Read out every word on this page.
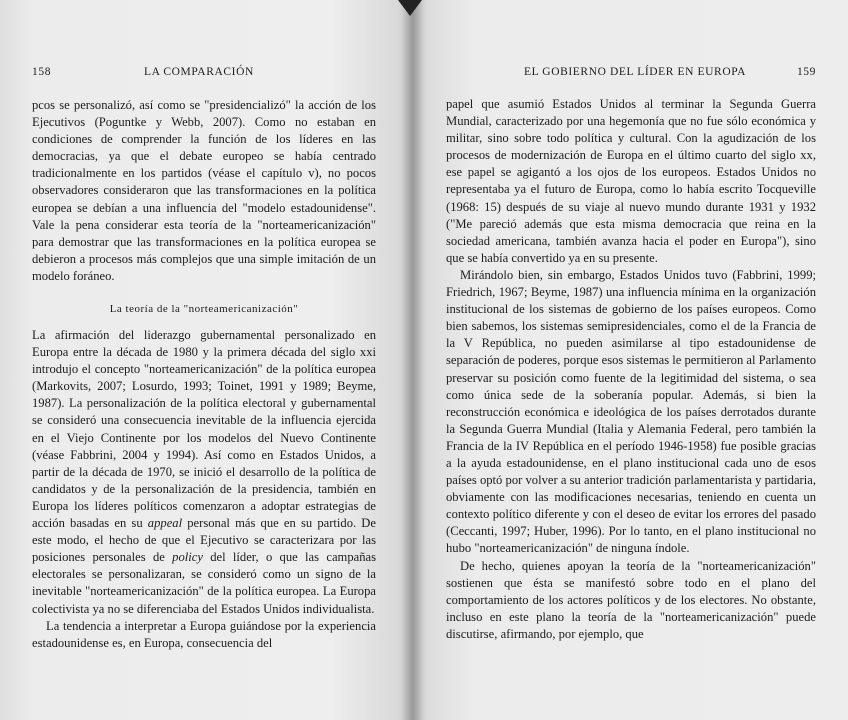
158	LA COMPARACIÓN

pcos se personalizó, así como se "presidencializó" la acción de los Ejecutivos (Poguntke y Webb, 2007). Como no estaban en condiciones de comprender la función de los líderes en las democracias, ya que el debate europeo se había centrado tradicionalmente en los partidos (véase el capítulo v), no pocos observadores consideraron que las transformaciones en la política europea se debían a una influencia del "modelo estadounidense". Vale la pena considerar esta teoría de la "norteamericanización" para demostrar que las transformaciones en la política europea se debieron a procesos más complejos que una simple imitación de un modelo foráneo.

La teoría de la "norteamericanización"

La afirmación del liderazgo gubernamental personalizado en Europa entre la década de 1980 y la primera década del siglo xxi introdujo el concepto "norteamericanización" de la política europea (Markovits, 2007; Losurdo, 1993; Toinet, 1991 y 1989; Beyme, 1987). La personalización de la política electoral y gubernamental se consideró una consecuencia inevitable de la influencia ejercida en el Viejo Continente por los modelos del Nuevo Continente (véase Fabbrini, 2004 y 1994). Así como en Estados Unidos, a partir de la década de 1970, se inició el desarrollo de la política de candidatos y de la personalización de la presidencia, también en Europa los líderes políticos comenzaron a adoptar estrategias de acción basadas en su appeal personal más que en su partido. De este modo, el hecho de que el Ejecutivo se caracterizara por las posiciones personales de policy del líder, o que las campañas electorales se personalizaran, se consideró como un signo de la inevitable "norteamericanización" de la política europea. La Europa colectivista ya no se diferenciaba del Estados Unidos individualista.

La tendencia a interpretar a Europa guiándose por la experiencia estadounidense es, en Europa, consecuencia del

EL GOBIERNO DEL LÍDER EN EUROPA	159

papel que asumió Estados Unidos al terminar la Segunda Guerra Mundial, caracterizado por una hegemonía que no fue sólo económica y militar, sino sobre todo política y cultural. Con la agudización de los procesos de modernización de Europa en el último cuarto del siglo xx, ese papel se agigantó a los ojos de los europeos. Estados Unidos no representaba ya el futuro de Europa, como lo había escrito Tocqueville (1968: 15) después de su viaje al nuevo mundo durante 1931 y 1932 ("Me pareció además que esta misma democracia que reina en la sociedad americana, también avanza hacia el poder en Europa"), sino que se había convertido ya en su presente.

Mirándolo bien, sin embargo, Estados Unidos tuvo (Fabbrini, 1999; Friedrich, 1967; Beyme, 1987) una influencia mínima en la organización institucional de los sistemas de gobierno de los países europeos. Como bien sabemos, los sistemas semipresidenciales, como el de la Francia de la V República, no pueden asimilarse al tipo estadounidense de separación de poderes, porque esos sistemas le permitieron al Parlamento preservar su posición como fuente de la legitimidad del sistema, o sea como única sede de la soberanía popular. Además, si bien la reconstrucción económica e ideológica de los países derrotados durante la Segunda Guerra Mundial (Italia y Alemania Federal, pero también la Francia de la IV República en el período 1946-1958) fue posible gracias a la ayuda estadounidense, en el plano institucional cada uno de esos países optó por volver a su anterior tradición parlamentarista y partidaria, obviamente con las modificaciones necesarias, teniendo en cuenta un contexto político diferente y con el deseo de evitar los errores del pasado (Ceccanti, 1997; Huber, 1996). Por lo tanto, en el plano institucional no hubo "norteamericanización" de ninguna índole.

De hecho, quienes apoyan la teoría de la "norteamericanización" sostienen que ésta se manifestó sobre todo en el plano del comportamiento de los actores políticos y de los electores. No obstante, incluso en este plano la teoría de la "norteamericanización" puede discutirse, afirmando, por ejemplo, que
